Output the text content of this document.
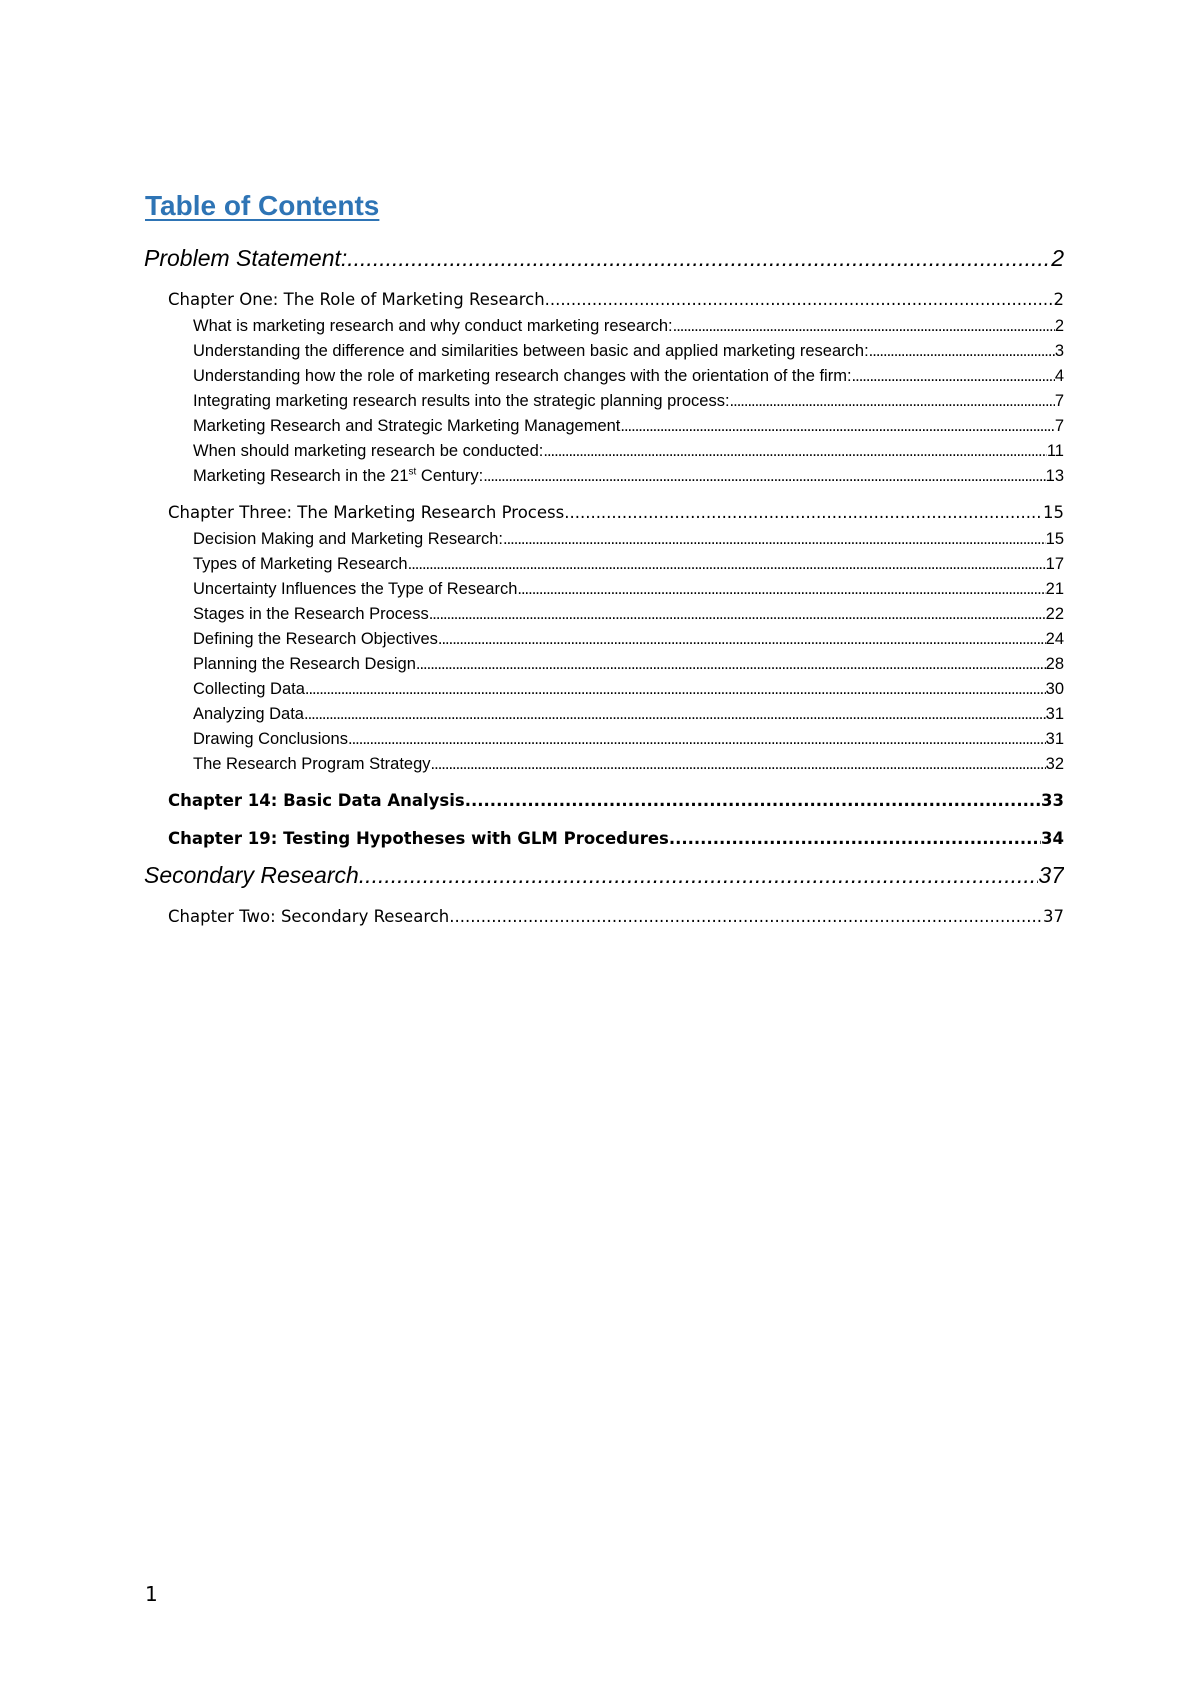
Table of Contents
Problem Statement: .....	2
Chapter One: The Role of Marketing Research. .....	2
What is marketing research and why conduct marketing research: .....	2
Understanding the difference and similarities between basic and applied marketing research: .....	3
Understanding how the role of marketing research changes with the orientation of the firm: .....	4
Integrating marketing research results into the strategic planning process: .....	7
Marketing Research and Strategic Marketing Management .....	7
When should marketing research be conducted: .....	11
Marketing Research in the 21st Century: .....	13
Chapter Three: The Marketing Research Process .....	15
Decision Making and Marketing Research: .....	15
Types of Marketing Research .....	17
Uncertainty Influences the Type of Research .....	21
Stages in the Research Process .....	22
Defining the Research Objectives .....	24
Planning the Research Design .....	28
Collecting Data .....	30
Analyzing Data .....	31
Drawing Conclusions .....	31
The Research Program Strategy .....	32
Chapter 14: Basic Data Analysis .....	33
Chapter 19: Testing Hypotheses with GLM Procedures .....	34
Secondary Research .....	37
Chapter Two: Secondary Research .....	37
1
